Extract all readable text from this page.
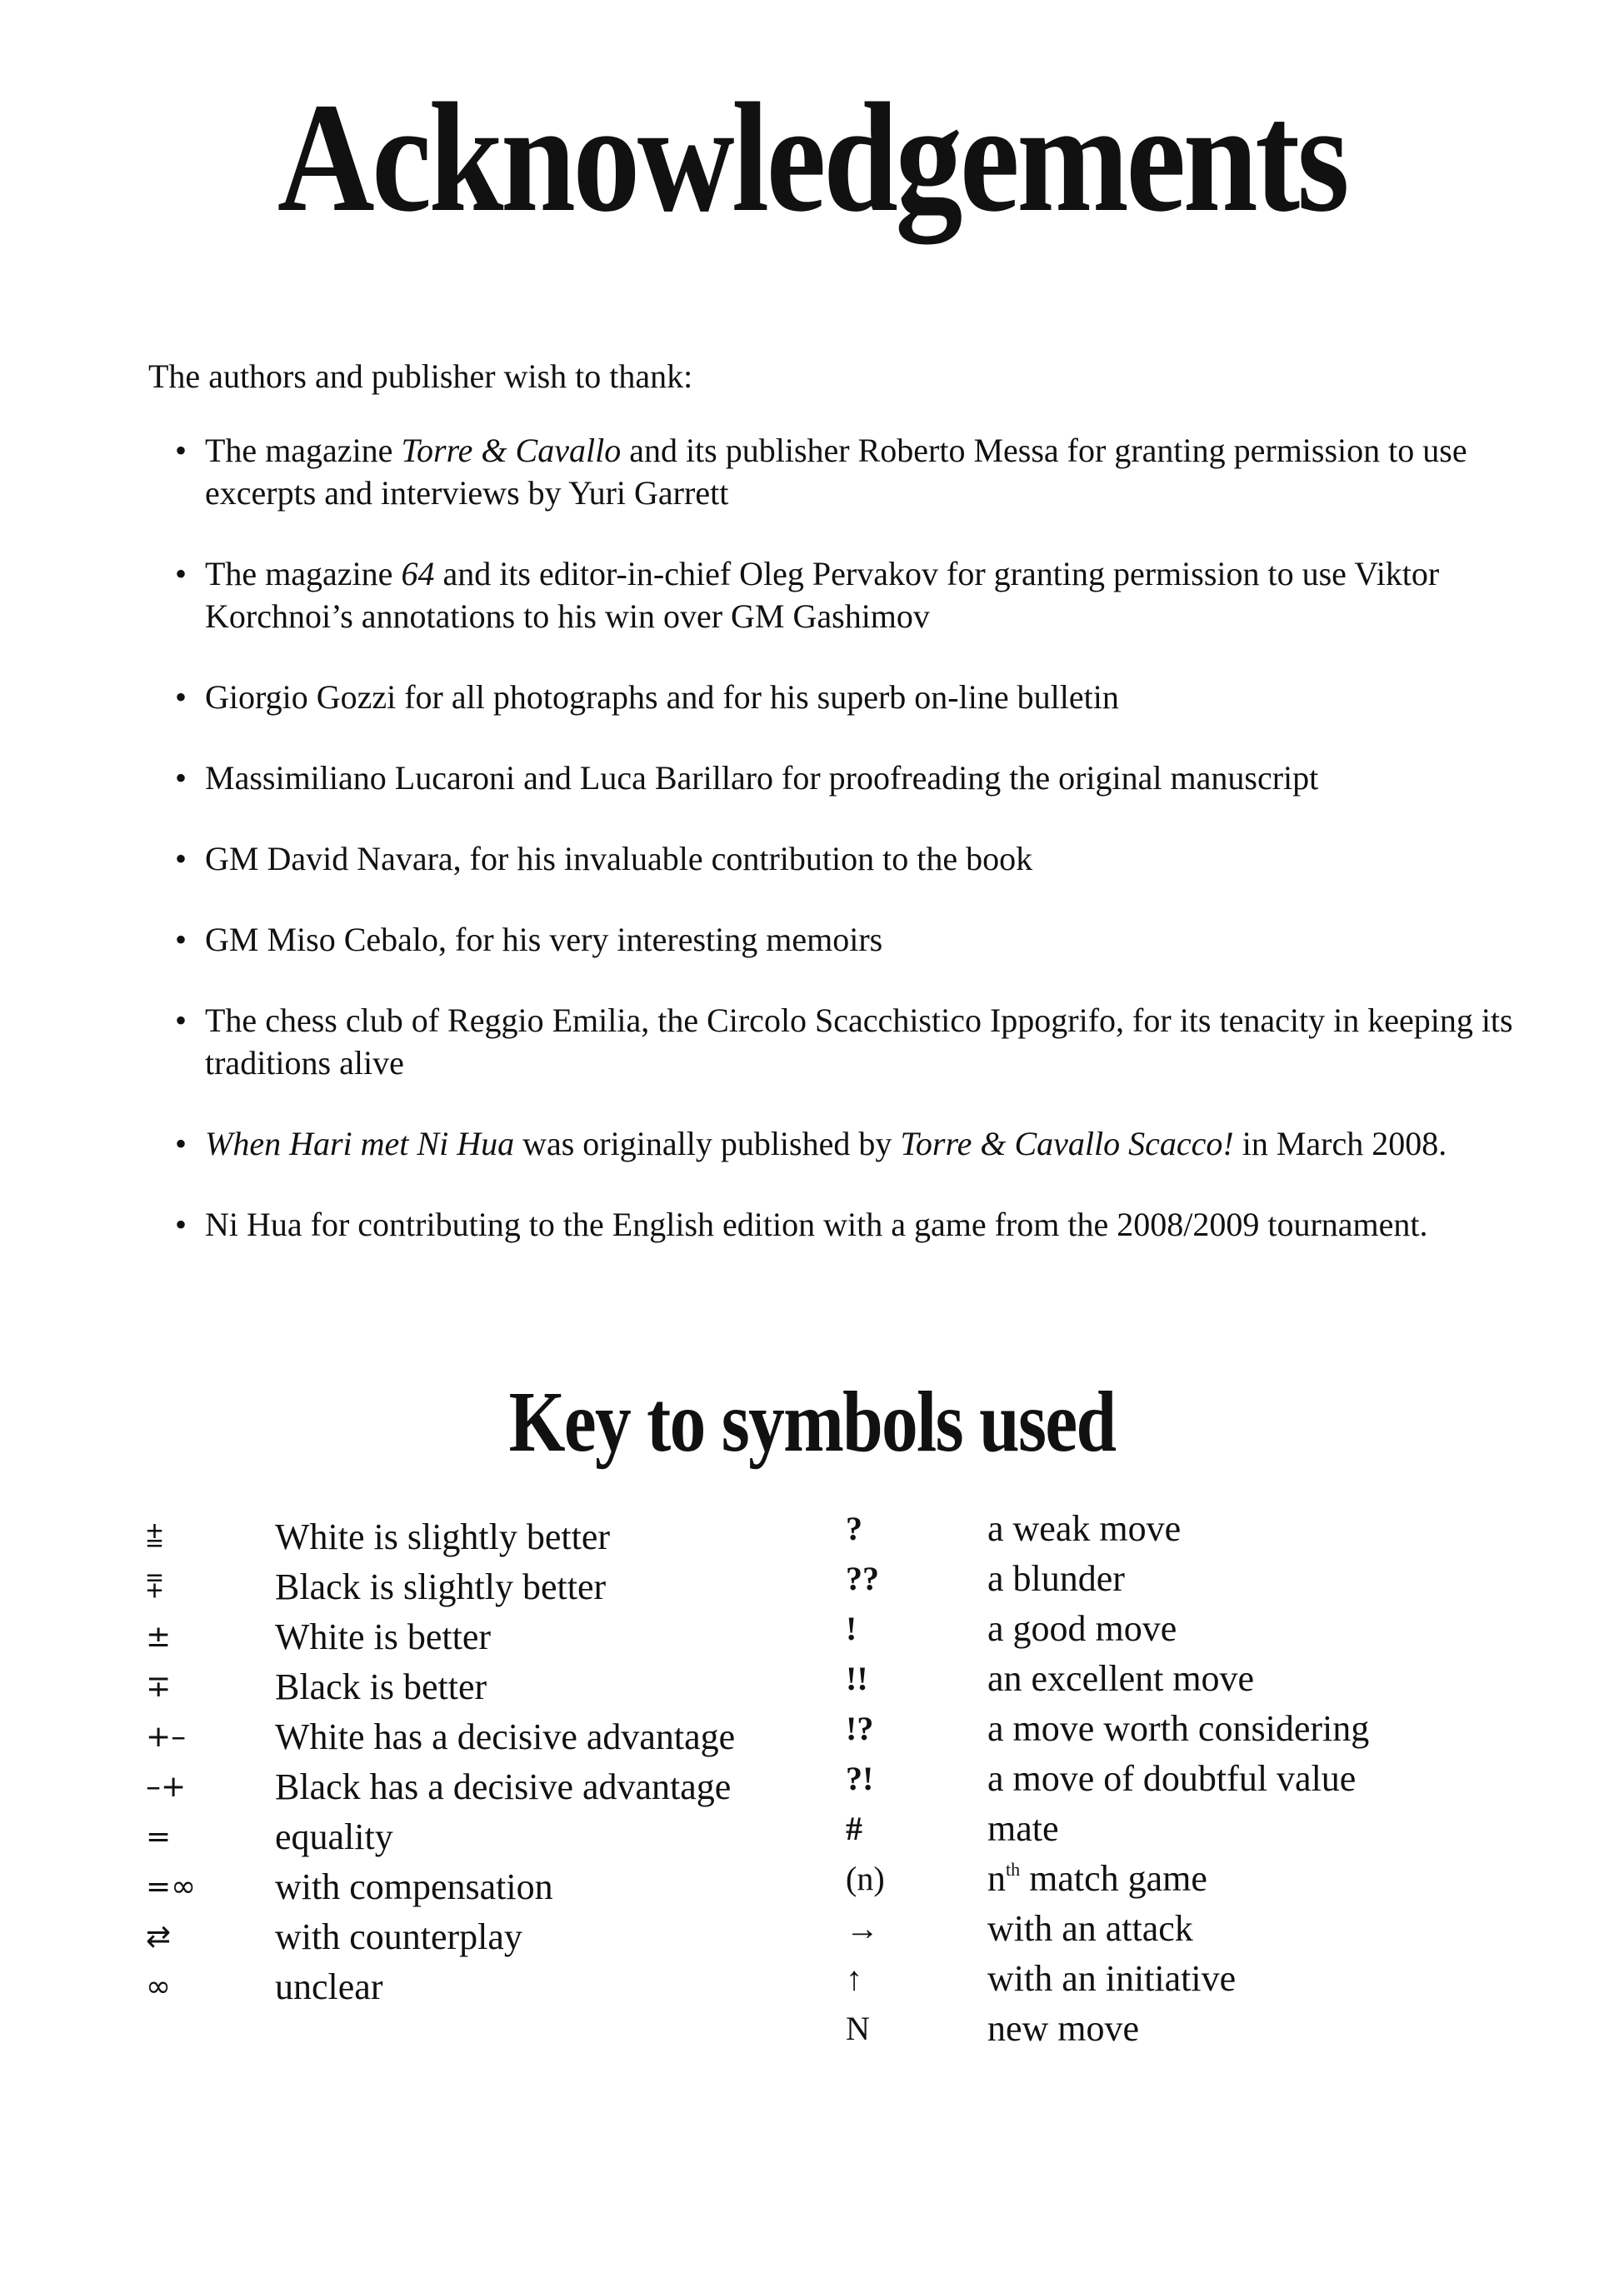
Acknowledgements

The authors and publisher wish to thank:

• The magazine Torre & Cavallo and its publisher Roberto Messa for granting permission to use excerpts and interviews by Yuri Garrett
• The magazine 64 and its editor-in-chief Oleg Pervakov for granting permission to use Viktor Korchnoi’s annotations to his win over GM Gashimov
• Giorgio Gozzi for all photographs and for his superb on-line bulletin
• Massimiliano Lucaroni and Luca Barillaro for proofreading the original manuscript
• GM David Navara, for his invaluable contribution to the book
• GM Miso Cebalo, for his very interesting memoirs
• The chess club of Reggio Emilia, the Circolo Scacchistico Ippogrifo, for its tenacity in keeping its traditions alive
• When Hari met Ni Hua was originally published by Torre & Cavallo Scacco! in March 2008.
• Ni Hua for contributing to the English edition with a game from the 2008/2009 tournament.
Key to symbols used
⩲	White is slightly better
⩱	Black is slightly better
±	White is better
∓	Black is better
+–	White has a decisive advantage
–+	Black has a decisive advantage
=	equality
=∞	with compensation
⇄	with counterplay
∞	unclear
?	a weak move
??	a blunder
!	a good move
!!	an excellent move
!?	a move worth considering
?!	a move of doubtful value
#	mate
(n)	$n^{th}$ match game
→	with an attack
↑	with an initiative
N	new move
